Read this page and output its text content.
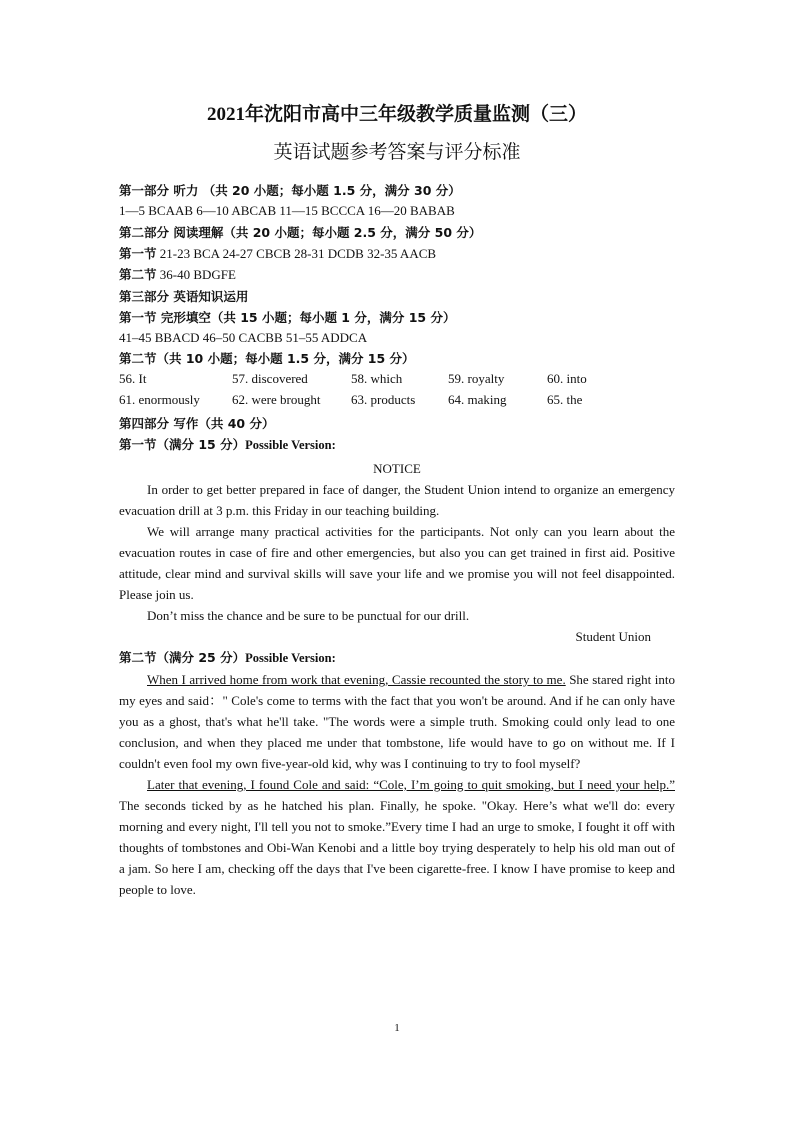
2021年沈阳市高中三年级教学质量监测（三）
英语试题参考答案与评分标准
第一部分 听力 （共 20 小题；每小题 1.5 分，满分 30 分）
1—5 BCAAB 6—10 ABCAB 11—15 BCCCA 16—20 BABAB
第二部分 阅读理解（共 20 小题；每小题 2.5 分，满分 50 分）
第一节 21-23 BCA 24-27 CBCB 28-31 DCDB 32-35 AACB
第二节 36-40 BDGFE
第三部分 英语知识运用
第一节 完形填空（共 15 小题；每小题 1 分，满分 15 分）
41–45 BBACD 46–50 CACBB 51–55 ADDCA
第二节（共 10 小题；每小题 1.5 分，满分 15 分）
56. It	57. discovered	58. which	59. royalty	60. into
61. enormously	62. were brought	63. products	64. making	65. the
第四部分 写作（共 40 分）
第一节（满分 15 分）Possible Version:
NOTICE

In order to get better prepared in face of danger, the Student Union intend to organize an emergency evacuation drill at 3 p.m. this Friday in our teaching building.

We will arrange many practical activities for the participants. Not only can you learn about the evacuation routes in case of fire and other emergencies, but also you can get trained in first aid. Positive attitude, clear mind and survival skills will save your life and we promise you will not feel disappointed. Please join us.

Don’t miss the chance and be sure to be punctual for our drill.

Student Union
第二节（满分 25 分）Possible Version:

When I arrived home from work that evening, Cassie recounted the story to me. She stared right into my eyes and said：" Cole's come to terms with the fact that you won't be around. And if he can only have you as a ghost, that's what he'll take. "The words were a simple truth. Smoking could only lead to one conclusion, and when they placed me under that tombstone, life would have to go on without me. If I couldn't even fool my own five-year-old kid, why was I continuing to try to fool myself?

Later that evening, I found Cole and said: “Cole, I’m going to quit smoking, but I need your help.” The seconds ticked by as he hatched his plan. Finally, he spoke. "Okay. Here’s what we'll do: every morning and every night, I'll tell you not to smoke.”Every time I had an urge to smoke, I fought it off with thoughts of tombstones and Obi-Wan Kenobi and a little boy trying desperately to help his old man out of a jam. So here I am, checking off the days that I've been cigarette-free. I know I have promise to keep and people to love.

1
